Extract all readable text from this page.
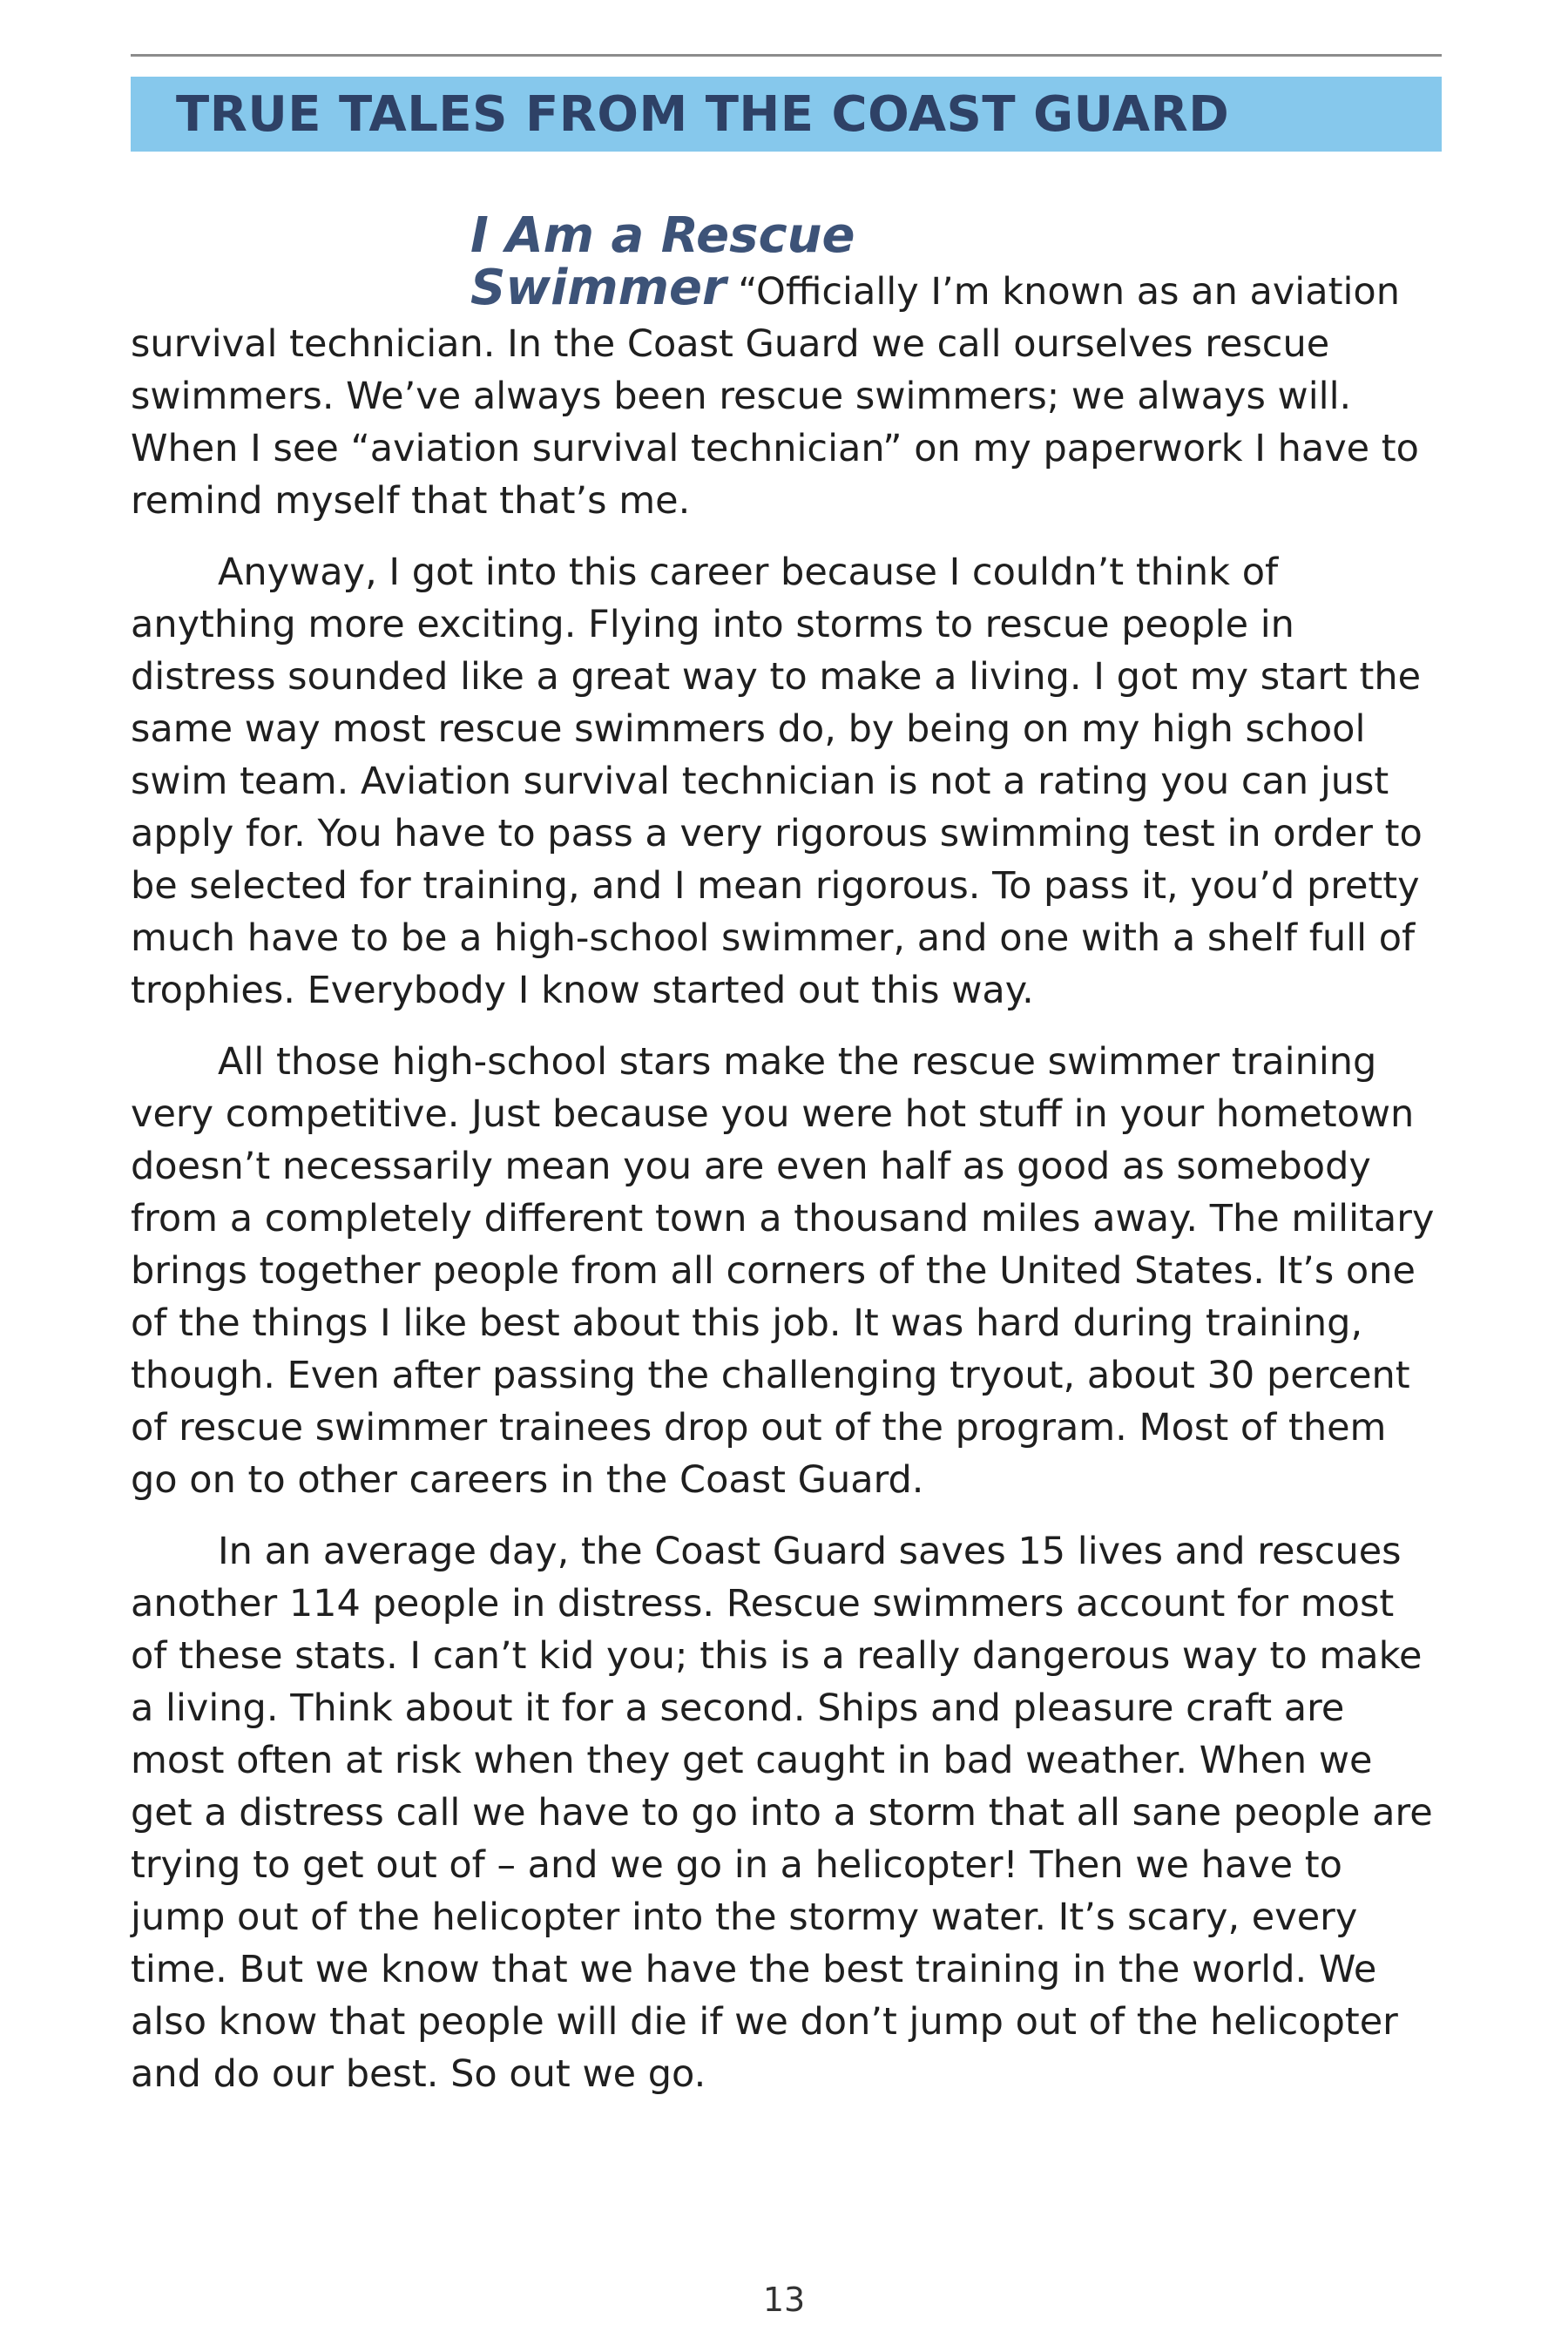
TRUE TALES FROM THE COAST GUARD
I Am a Rescue

Swimmer “Officially I’m known as an aviation survival technician. In the Coast Guard we call ourselves rescue swimmers. We’ve always been rescue swimmers; we always will. When I see “aviation survival technician” on my paperwork I have to remind myself that that’s me.

Anyway, I got into this career because I couldn’t think of anything more exciting. Flying into storms to rescue people in distress sounded like a great way to make a living. I got my start the same way most rescue swimmers do, by being on my high school swim team. Aviation survival technician is not a rating you can just apply for. You have to pass a very rigorous swimming test in order to be selected for training, and I mean rigorous. To pass it, you’d pretty much have to be a high-school swimmer, and one with a shelf full of trophies. Everybody I know started out this way.

All those high-school stars make the rescue swimmer training very competitive. Just because you were hot stuff in your hometown doesn’t necessarily mean you are even half as good as somebody from a completely different town a thousand miles away. The military brings together people from all corners of the United States. It’s one of the things I like best about this job. It was hard during training, though. Even after passing the challenging tryout, about 30 percent of rescue swimmer trainees drop out of the program. Most of them go on to other careers in the Coast Guard.

In an average day, the Coast Guard saves 15 lives and rescues another 114 people in distress. Rescue swimmers account for most of these stats. I can’t kid you; this is a really dangerous way to make a living. Think about it for a second. Ships and pleasure craft are most often at risk when they get caught in bad weather. When we get a distress call we have to go into a storm that all sane people are trying to get out of – and we go in a helicopter! Then we have to jump out of the helicopter into the stormy water. It’s scary, every time. But we know that we have the best training in the world. We also know that people will die if we don’t jump out of the helicopter and do our best. So out we go.

13
